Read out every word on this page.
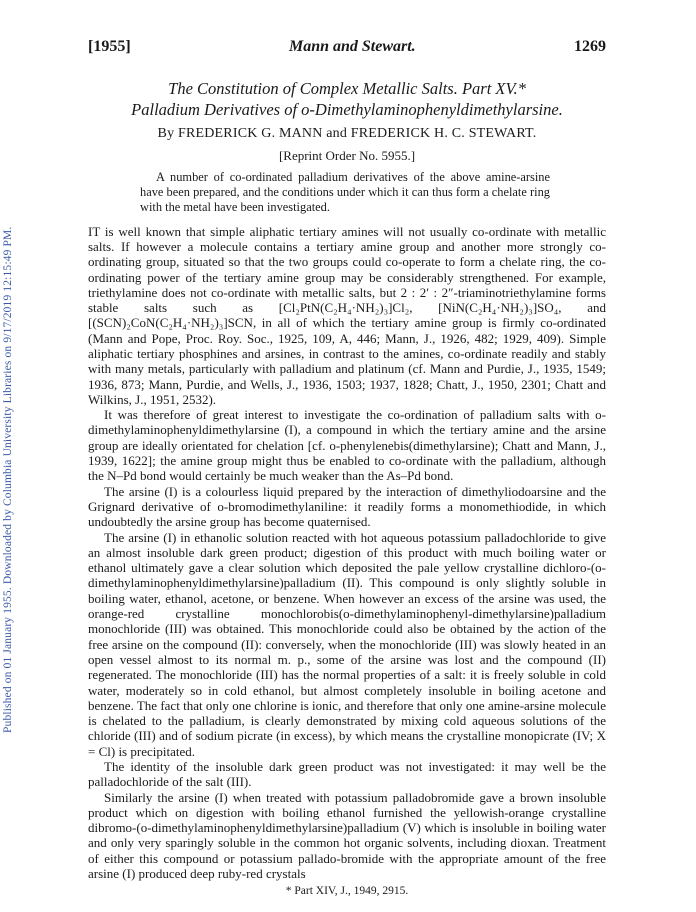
Published on 01 January 1955. Downloaded by Columbia University Libraries on 9/17/2019 12:15:49 PM.
[1955]	Mann and Stewart.	1269
The Constitution of Complex Metallic Salts. Part XV.*
Palladium Derivatives of o-Dimethylaminophenyldimethylarsine.
By FREDERICK G. MANN and FREDERICK H. C. STEWART.
[Reprint Order No. 5955.]
A number of co-ordinated palladium derivatives of the above amine-arsine have been prepared, and the conditions under which it can thus form a chelate ring with the metal have been investigated.

IT is well known that simple aliphatic tertiary amines will not usually co-ordinate with metallic salts. If however a molecule contains a tertiary amine group and another more strongly co-ordinating group, situated so that the two groups could co-operate to form a chelate ring, the co-ordinating power of the tertiary amine group may be considerably strengthened. For example, triethylamine does not co-ordinate with metallic salts, but 2 : 2′ : 2″-triaminotriethylamine forms stable salts such as [Cl₂PtN(C₂H₄·NH₂)₃]Cl₂, [NiN(C₂H₄·NH₂)₃]SO₄, and [(SCN)₂CoN(C₂H₄·NH₂)₃]SCN, in all of which the tertiary amine group is firmly co-ordinated (Mann and Pope, Proc. Roy. Soc., 1925, 109, A, 446; Mann, J., 1926, 482; 1929, 409). Simple aliphatic tertiary phosphines and arsines, in contrast to the amines, co-ordinate readily and stably with many metals, particularly with palladium and platinum (cf. Mann and Purdie, J., 1935, 1549; 1936, 873; Mann, Purdie, and Wells, J., 1936, 1503; 1937, 1828; Chatt, J., 1950, 2301; Chatt and Wilkins, J., 1951, 2532).

It was therefore of great interest to investigate the co-ordination of palladium salts with o-dimethylaminophenyldimethylarsine (I), a compound in which the tertiary amine and the arsine group are ideally orientated for chelation [cf. o-phenylenebis(dimethylarsine); Chatt and Mann, J., 1939, 1622]; the amine group might thus be enabled to co-ordinate with the palladium, although the N–Pd bond would certainly be much weaker than the As–Pd bond.

The arsine (I) is a colourless liquid prepared by the interaction of dimethyliodoarsine and the Grignard derivative of o-bromodimethylaniline: it readily forms a monomethiodide, in which undoubtedly the arsine group has become quaternised.

The arsine (I) in ethanolic solution reacted with hot aqueous potassium palladochloride to give an almost insoluble dark green product; digestion of this product with much boiling water or ethanol ultimately gave a clear solution which deposited the pale yellow crystalline dichloro-(o-dimethylaminophenyldimethylarsine)palladium (II). This compound is only slightly soluble in boiling water, ethanol, acetone, or benzene. When however an excess of the arsine was used, the orange-red crystalline monochlorobis(o-dimethylaminophenyl-dimethylarsine)palladium monochloride (III) was obtained. This monochloride could also be obtained by the action of the free arsine on the compound (II): conversely, when the monochloride (III) was slowly heated in an open vessel almost to its normal m. p., some of the arsine was lost and the compound (II) regenerated. The monochloride (III) has the normal properties of a salt: it is freely soluble in cold water, moderately so in cold ethanol, but almost completely insoluble in boiling acetone and benzene. The fact that only one chlorine is ionic, and therefore that only one amine-arsine molecule is chelated to the palladium, is clearly demonstrated by mixing cold aqueous solutions of the chloride (III) and of sodium picrate (in excess), by which means the crystalline monopicrate (IV; X = Cl) is precipitated.

The identity of the insoluble dark green product was not investigated: it may well be the palladochloride of the salt (III).

Similarly the arsine (I) when treated with potassium palladobromide gave a brown insoluble product which on digestion with boiling ethanol furnished the yellowish-orange crystalline dibromo-(o-dimethylaminophenyldimethylarsine)palladium (V) which is insoluble in boiling water and only very sparingly soluble in the common hot organic solvents, including dioxan. Treatment of either this compound or potassium pallado-bromide with the appropriate amount of the free arsine (I) produced deep ruby-red crystals

* Part XIV, J., 1949, 2915.
